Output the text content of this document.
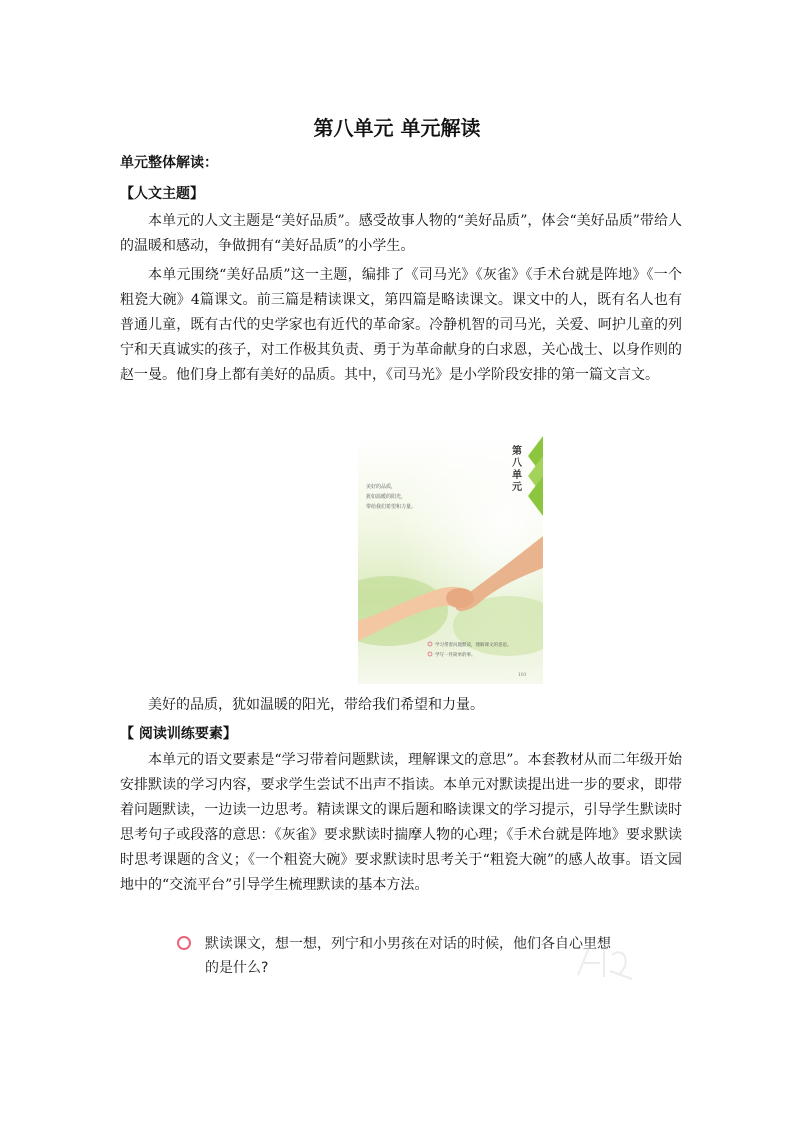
第八单元 单元解读
单元整体解读：
【人文主题】

本单元的人文主题是“美好品质”。感受故事人物的“美好品质”，体会“美好品质”带给人的温暖和感动，争做拥有“美好品质”的小学生。

本单元围绕“美好品质”这一主题，编排了《司马光》《灰雀》《手术台就是阵地》《一个粗瓷大碗》4篇课文。前三篇是精读课文，第四篇是略读课文。课文中的人，既有名人也有普通儿童，既有古代的史学家也有近代的革命家。冷静机智的司马光，关爱、呵护儿童的列宁和天真诚实的孩子，对工作极其负责、勇于为革命献身的白求恩，关心战士、以身作则的赵一曼。他们身上都有美好的品质。其中，《司马光》是小学阶段安排的第一篇文言文。

美好的品质，
犹如温暖的阳光，
带给我们希望和力量。
第
八
单
元
学习带着问题默读，理解课文的意思。
学写一件简单的事。
101
美好的品质，犹如温暖的阳光，带给我们希望和力量。
【 阅读训练要素】

本单元的语文要素是“学习带着问题默读，理解课文的意思”。本套教材从而二年级开始安排默读的学习内容，要求学生尝试不出声不指读。本单元对默读提出进一步的要求，即带着问题默读，一边读一边思考。精读课文的课后题和略读课文的学习提示，引导学生默读时思考句子或段落的意思：《灰雀》要求默读时揣摩人物的心理；《手术台就是阵地》要求默读时思考课题的含义；《一个粗瓷大碗》要求默读时思考关于“粗瓷大碗”的感人故事。语文园地中的“交流平台”引导学生梳理默读的基本方法。

默读课文，想一想，列宁和小男孩在对话的时候，他们各自心里想的是什么?
